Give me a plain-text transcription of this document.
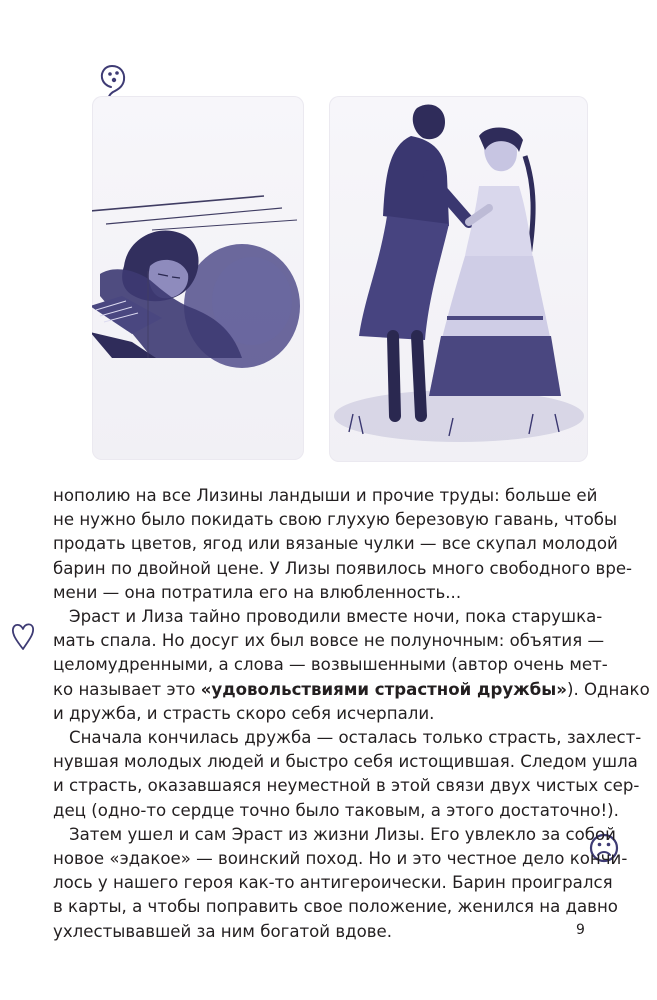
нополию на все Лизины ландыши и прочие труды: больше ей
не нужно было покидать свою глухую березовую гавань, чтобы
продать цветов, ягод или вязаные чулки — все скупал молодой
барин по двойной цене. У Лизы появилось много свободного вре-
мени — она потратила его на влюбленность...

Эраст и Лиза тайно проводили вместе ночи, пока старушка-
мать спала. Но досуг их был вовсе не полуночным: объятия —
целомудренными, а слова — возвышенными (автор очень мет-
ко называет это «удовольствиями страстной дружбы»). Однако
и дружба, и страсть скоро себя исчерпали.

Сначала кончилась дружба — осталась только страсть, захлест-
нувшая молодых людей и быстро себя истощившая. Следом ушла
и страсть, оказавшаяся неуместной в этой связи двух чистых сер-
дец (одно-то сердце точно было таковым, а этого достаточно!).

Затем ушел и сам Эраст из жизни Лизы. Его увлекло за собой
новое «эдакое» — воинский поход. Но и это честное дело кончи-
лось у нашего героя как-то антигероически. Барин проигрался
в карты, а чтобы поправить свое положение, женился на давно
ухлестывавшей за ним богатой вдове.	9
